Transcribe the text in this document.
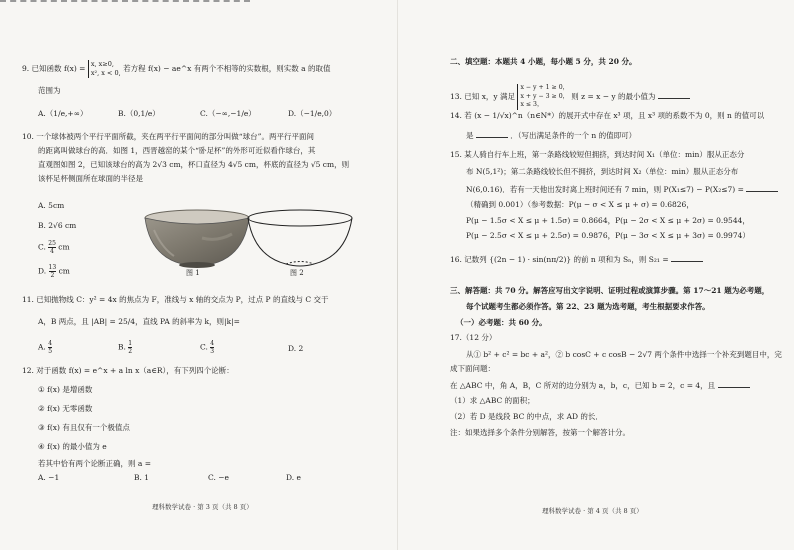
9. 已知函数 f(x) = x, x≥0,
x², x < 0, 若方程 f(x) − ae^x 有两个不相等的实数根，则实数 a 的取值
范围为
A.（1/e,+∞）	B.（0,1/e）	C.（−∞,−1/e）	D.（−1/e,0）
10. 一个球体被两个平行平面所截，夹在两平行平面间的部分叫做“球台”。两平行平面间
的距离叫做球台的高．如图 1，西晋越窑的某个“卧足杯”的外形可近似看作球台，其
直观图如图 2，已知该球台的高为 2√3 cm，杯口直径为 4√5 cm，杯底的直径为 √5 cm，则
该杯足杯侧面所在球面的半径是
A. 5cm
B. 2√6 cm
C. $\frac{25}{4}$ cm
D. $\frac{13}{2}$ cm	图 1	图 2
11. 已知抛物线 C：y² = 4x 的焦点为 F，准线与 x 轴的交点为 P，过点 P 的直线与 C 交于
A，B 两点，且 |AB| = 25/4，直线 PA 的斜率为 k，则|k|=
A. $\frac{4}{5}$	B. $\frac{1}{2}$	C. $\frac{4}{3}$	D. 2
12. 对于函数 f(x) = e^x + a ln x（a∈R），有下列四个论断：
① f(x) 是增函数
② f(x) 无零函数
③ f(x) 有且仅有一个极值点
④ f(x) 的最小值为 e
若其中恰有两个论断正确，则 a =
A. −1	B. 1	C. −e	D. e
理科数学试卷 · 第 3 页（共 8 页）
二、填空题：本题共 4 小题，每小题 5 分，共 20 分。
13. 已知 x，y 满足
x − y + 1 ≥ 0，
x + y − 3 ≥ 0，
x ≤ 3，
则 z = x − y 的最小值为
14. 若 (x − 1/√x)^n（n∈N*）的展开式中存在 x³ 项，且 x³ 项的系数不为 0，则 n 的值可以
是	．（写出满足条件的一个 n 的值即可）
15. 某人骑自行车上班，第一条路线较短但拥挤，到达时间 X₁（单位：min）服从正态分
布 N(5,1²)；第二条路线较长但不拥挤，到达时间 X₂（单位：min）服从正态分布
N(6,0.16)．若有一天他出发时离上班时间还有 7 min，则 P(X₁≤7) − P(X₂≤7) =
（精确到 0.001）（参考数据：P(μ − σ < X ≤ μ + σ) = 0.6826，
P(μ − 1.5σ < X ≤ μ + 1.5σ) = 0.8664，P(μ − 2σ < X ≤ μ + 2σ) = 0.9544，
P(μ − 2.5σ < X ≤ μ + 2.5σ) = 0.9876，P(μ − 3σ < X ≤ μ + 3σ) = 0.9974）
16. 记数列 {(2n − 1) · sin(nπ/2)} 的前 n 项和为 Sₙ，则 S₂₁ =
三、解答题：共 70 分。解答应写出文字说明、证明过程或演算步骤。第 17～21 题为必考题，
每个试题考生都必须作答。第 22、23 题为选考题，考生根据要求作答。
（一）必考题：共 60 分。
17.（12 分）
从① b² + c² = bc + a²，② b cosC + c cosB − 2√7 两个条件中选择一个补充到题目中，完
成下面问题：
在 △ABC 中，角 A，B，C 所对的边分别为 a，b，c，已知 b = 2，c = 4，且
（1）求 △ABC 的面积；
（2）若 D 是线段 BC 的中点，求 AD 的长．
注：如果选择多个条件分别解答，按第一个解答计分。
理科数学试卷 · 第 4 页（共 8 页）
